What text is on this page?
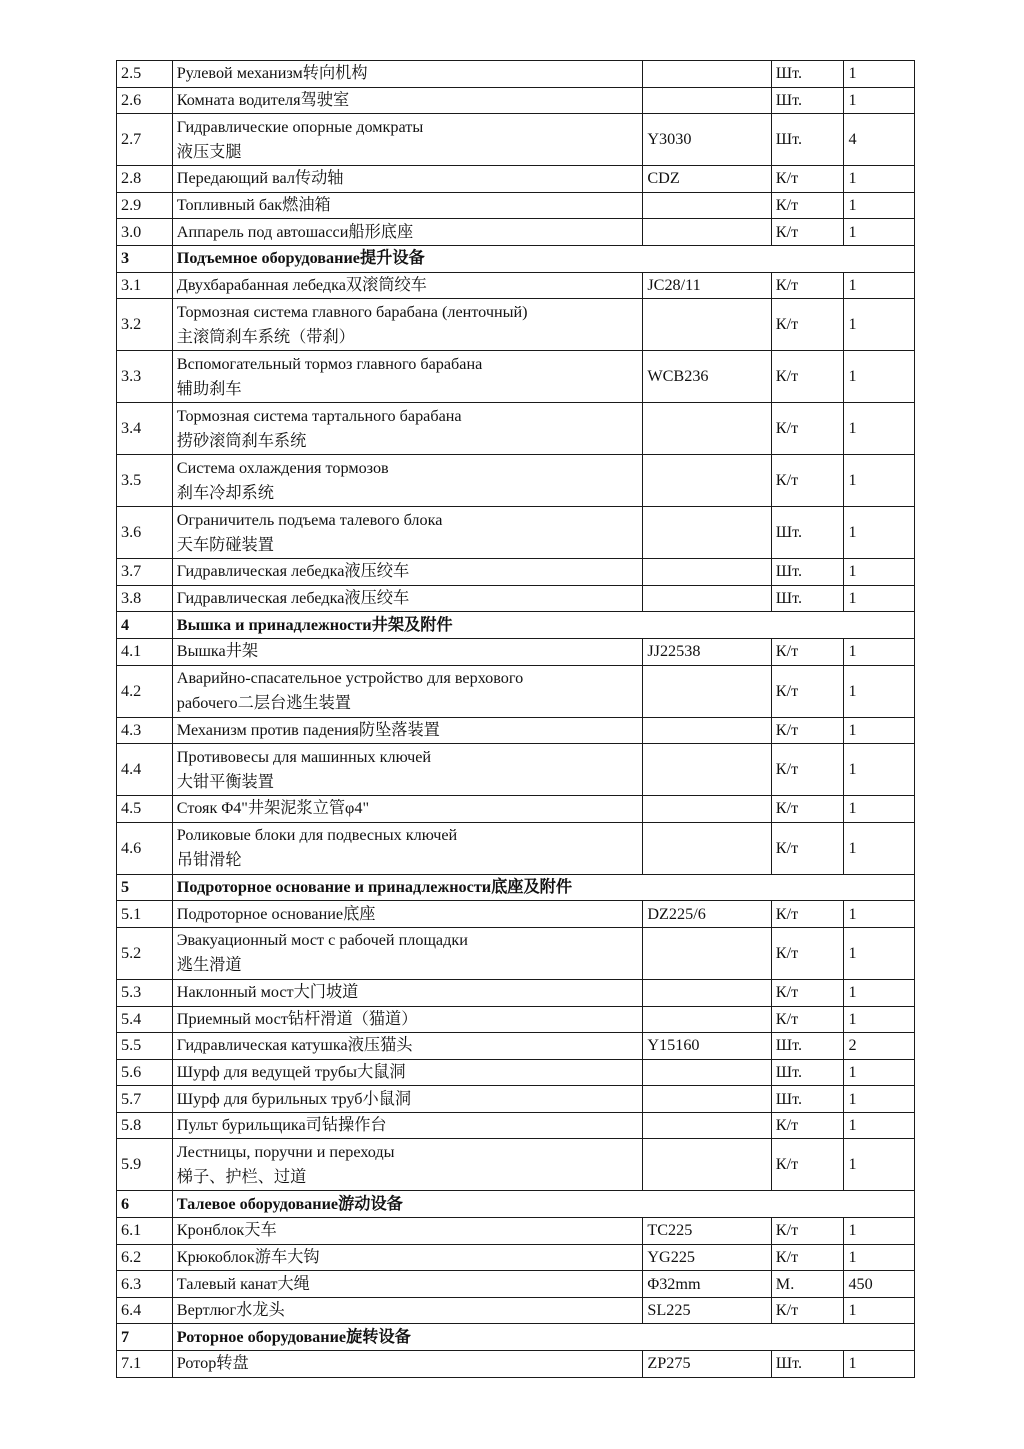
2.5	Рулевой механизм转向机构		Шт.	1
2.6	Комната водителя驾驶室		Шт.	1
2.7	Гидравлические опорные домкраты
液压支腿	Y3030	Шт.	4
2.8	Передающий вал传动轴	CDZ	К/т	1
2.9	Топливный бак燃油箱		К/т	1
3.0	Аппарель под автошасси船形底座		К/т	1
3	Подъемное оборудование提升设备			
3.1	Двухбарабанная лебедка双滚筒绞车	JC28/11	К/т	1
3.2	Тормозная система главного барабана (ленточный)
主滚筒刹车系统（带刹）		К/т	1
3.3	Вспомогательный тормоз главного барабана
辅助刹车	WCB236	К/т	1
3.4	Тормозная система тартального барабана
捞砂滚筒刹车系统		К/т	1
3.5	Система охлаждения тормозов
刹车冷却系统		К/т	1
3.6	Ограничитель подъема талевого блока
天车防碰装置		Шт.	1
3.7	Гидравлическая лебедка液压绞车		Шт.	1
3.8	Гидравлическая лебедка液压绞车		Шт.	1
4	Вышка и принадлежности井架及附件			
4.1	Вышка井架	JJ22538	К/т	1
4.2	Аварийно-спасательное устройство для верхового
рабочего二层台逃生装置		К/т	1
4.3	Механизм против падения防坠落装置		К/т	1
4.4	Противовесы для машинных ключей
大钳平衡装置		К/т	1
4.5	Стояк Φ4"井架泥浆立管φ4"		К/т	1
4.6	Роликовые блоки для подвесных ключей
吊钳滑轮		К/т	1
5	Подроторное основание и принадлежности底座及附件			
5.1	Подроторное основание底座	DZ225/6	К/т	1
5.2	Эвакуационный мост с рабочей площадки
逃生滑道		К/т	1
5.3	Наклонный мост大门坡道		К/т	1
5.4	Приемный мост钻杆滑道（猫道）		К/т	1
5.5	Гидравлическая катушка液压猫头	Y15160	Шт.	2
5.6	Шурф для ведущей трубы大鼠洞		Шт.	1
5.7	Шурф для бурильных труб小鼠洞		Шт.	1
5.8	Пульт бурильщика司钻操作台		К/т	1
5.9	Лестницы, поручни и переходы
梯子、护栏、过道		К/т	1
6	Талевое оборудование游动设备			
6.1	Кронблок天车	TC225	К/т	1
6.2	Крюкоблок游车大钩	YG225	К/т	1
6.3	Талевый канат大绳	Φ32mm	М.	450
6.4	Вертлюг水龙头	SL225	К/т	1
7	Роторное оборудование旋转设备			
7.1	Ротор转盘	ZP275	Шт.	1
